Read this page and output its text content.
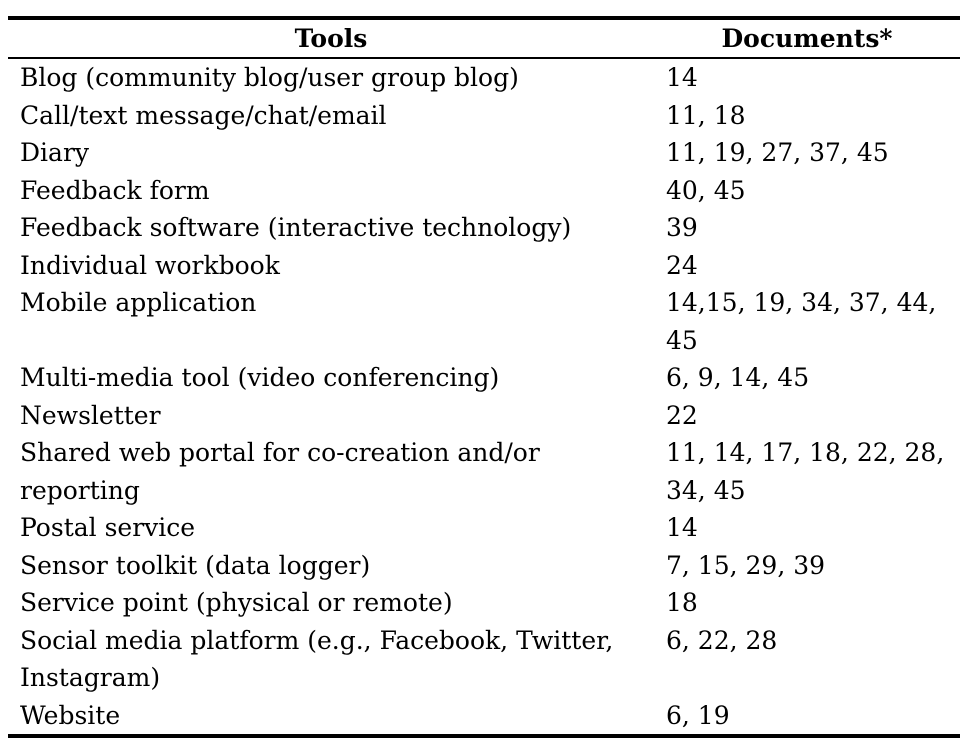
Tools	Documents*
Blog (community blog/user group blog)	14
Call/text message/chat/email	11, 18
Diary	11, 19, 27, 37, 45
Feedback form	40, 45
Feedback software (interactive technology)	39
Individual workbook	24
Mobile application	14,15, 19, 34, 37, 44, 45
Multi-media tool (video conferencing)	6, 9, 14, 45
Newsletter	22
Shared web portal for co-creation and/or reporting	11, 14, 17, 18, 22, 28, 34, 45
Postal service	14
Sensor toolkit (data logger)	7, 15, 29, 39
Service point (physical or remote)	18
Social media platform (e.g., Facebook, Twitter, Instagram)	6, 22, 28
Website	6, 19
